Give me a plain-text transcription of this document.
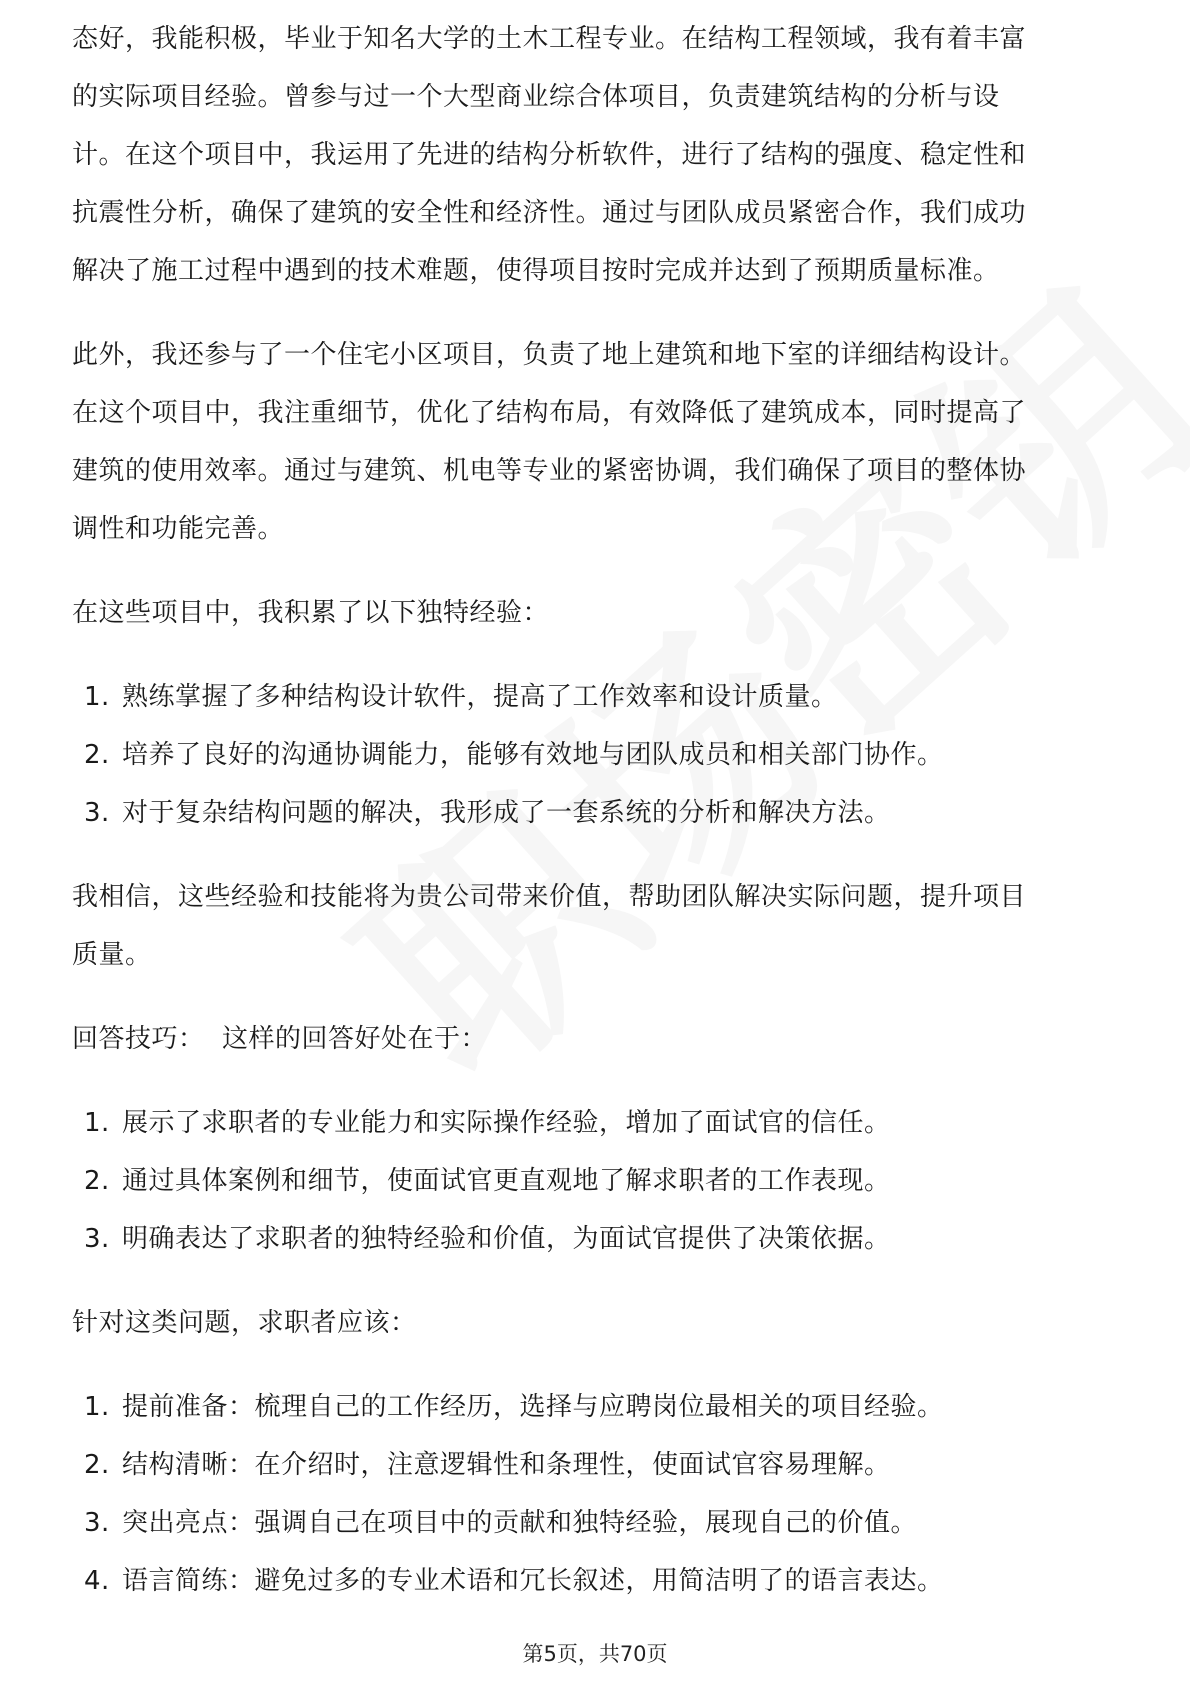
态好，我能积极，毕业于知名大学的土木工程专业。在结构工程领域，我有着丰富

的实际项目经验。曾参与过一个大型商业综合体项目，负责建筑结构的分析与设

计。在这个项目中，我运用了先进的结构分析软件，进行了结构的强度、稳定性和

抗震性分析，确保了建筑的安全性和经济性。通过与团队成员紧密合作，我们成功

解决了施工过程中遇到的技术难题，使得项目按时完成并达到了预期质量标准。

此外，我还参与了一个住宅小区项目，负责了地上建筑和地下室的详细结构设计。

在这个项目中，我注重细节，优化了结构布局，有效降低了建筑成本，同时提高了

建筑的使用效率。通过与建筑、机电等专业的紧密协调，我们确保了项目的整体协

调性和功能完善。

在这些项目中，我积累了以下独特经验：

1. 熟练掌握了多种结构设计软件，提高了工作效率和设计质量。
2. 培养了良好的沟通协调能力，能够有效地与团队成员和相关部门协作。
3. 对于复杂结构问题的解决，我形成了一套系统的分析和解决方法。

我相信，这些经验和技能将为贵公司带来价值，帮助团队解决实际问题，提升项目

质量。

回答技巧：  这样的回答好处在于：

1. 展示了求职者的专业能力和实际操作经验，增加了面试官的信任。
2. 通过具体案例和细节，使面试官更直观地了解求职者的工作表现。
3. 明确表达了求职者的独特经验和价值，为面试官提供了决策依据。

针对这类问题，求职者应该：

1. 提前准备：梳理自己的工作经历，选择与应聘岗位最相关的项目经验。
2. 结构清晰：在介绍时，注意逻辑性和条理性，使面试官容易理解。
3. 突出亮点：强调自己在项目中的贡献和独特经验，展现自己的价值。
4. 语言简练：避免过多的专业术语和冗长叙述，用简洁明了的语言表达。
第5页，共70页
